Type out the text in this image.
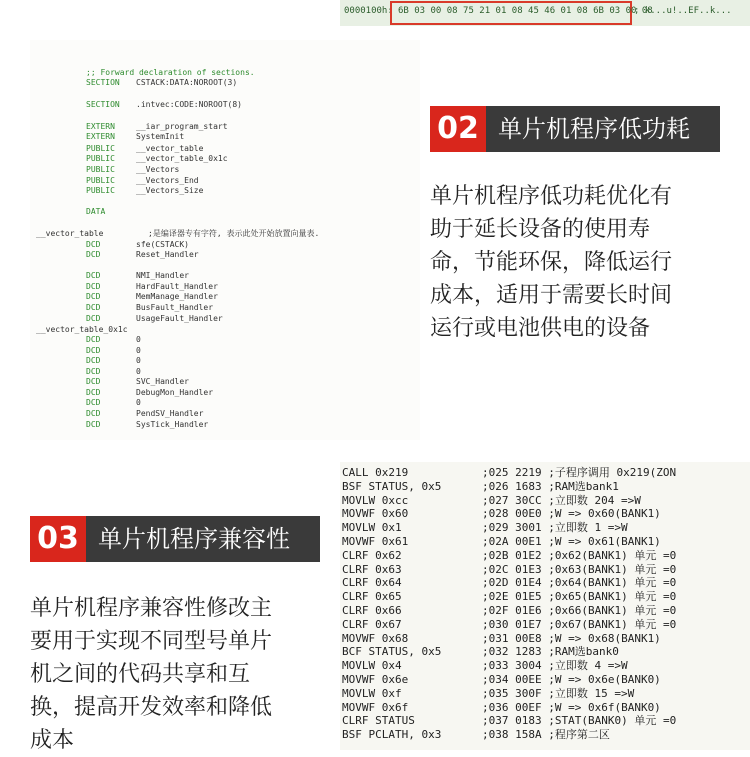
0000100h: 6B 03 00 08 75 21 01 08 45 46 01 08 6B 03 00 08
; k...u!..EF..k...
;; Forward declaration of sections.
SECTION CSTACK:DATA:NOROOT(3)
SECTION .intvec:CODE:NOROOT(8)
EXTERN	__iar_program_start
EXTERN	SystemInit
PUBLIC	__vector_table
PUBLIC	__vector_table_0x1c
PUBLIC	__Vectors
PUBLIC	__Vectors_End
PUBLIC	__Vectors_Size
DATA
__vector_table	;是编译器专有字符, 表示此处开始放置向量表.
DCD	sfe(CSTACK)
DCD	Reset_Handler
DCD	NMI_Handler
DCD	HardFault_Handler
DCD	MemManage_Handler
DCD	BusFault_Handler
DCD	UsageFault_Handler
__vector_table_0x1c
DCD	0
DCD	0
DCD	0
DCD	0
DCD	SVC_Handler
DCD	DebugMon_Handler
DCD	0
DCD	PendSV_Handler
DCD	SysTick_Handler
02 单片机程序低功耗
单片机程序低功耗优化有
助于延长设备的使用寿
命，节能环保，降低运行
成本，适用于需要长时间
运行或电池供电的设备
03 单片机程序兼容性
单片机程序兼容性修改主
要用于实现不同型号单片
机之间的代码共享和互
换，提高开发效率和降低
成本
CALL 0x219	;025 2219 ;子程序调用 0x219(ZON
BSF STATUS, 0x5	;026 1683 ;RAM选bank1
MOVLW 0xcc	;027 30CC ;立即数 204 =>W
MOVWF 0x60	;028 00E0 ;W => 0x60(BANK1)
MOVLW 0x1	;029 3001 ;立即数 1 =>W
MOVWF 0x61	;02A 00E1 ;W => 0x61(BANK1)
CLRF 0x62	;02B 01E2 ;0x62(BANK1) 单元 =0
CLRF 0x63	;02C 01E3 ;0x63(BANK1) 单元 =0
CLRF 0x64	;02D 01E4 ;0x64(BANK1) 单元 =0
CLRF 0x65	;02E 01E5 ;0x65(BANK1) 单元 =0
CLRF 0x66	;02F 01E6 ;0x66(BANK1) 单元 =0
CLRF 0x67	;030 01E7 ;0x67(BANK1) 单元 =0
MOVWF 0x68	;031 00E8 ;W => 0x68(BANK1)
BCF STATUS, 0x5	;032 1283 ;RAM选bank0
MOVLW 0x4	;033 3004 ;立即数 4 =>W
MOVWF 0x6e	;034 00EE ;W => 0x6e(BANK0)
MOVLW 0xf	;035 300F ;立即数 15 =>W
MOVWF 0x6f	;036 00EF ;W => 0x6f(BANK0)
CLRF STATUS	;037 0183 ;STAT(BANK0) 单元 =0
BSF PCLATH, 0x3	;038 158A ;程序第二区
